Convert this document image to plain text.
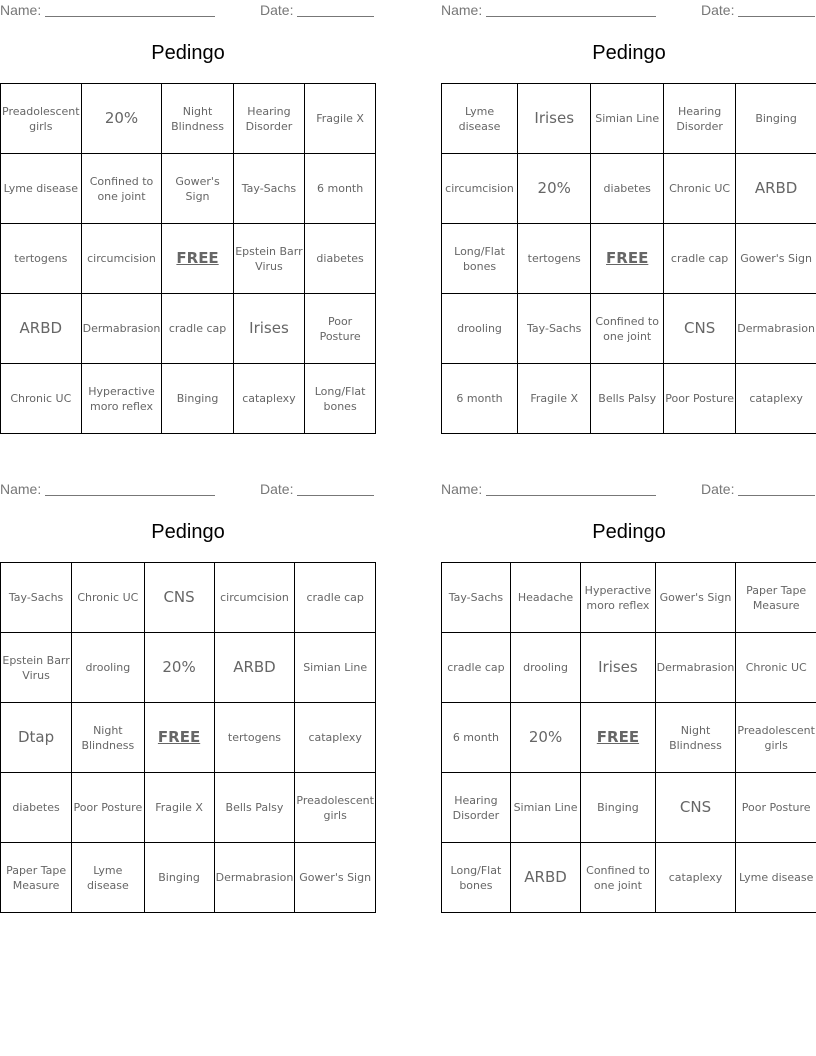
Name:	Date:
Pedingo
Preadolescent girls	20%	Night Blindness	Hearing Disorder	Fragile X
Lyme disease	Confined to one joint	Gower's Sign	Tay-Sachs	6 month
tertogens	circumcision	FREE	Epstein Barr Virus	diabetes
ARBD	Dermabrasion	cradle cap	Irises	Poor Posture
Chronic UC	Hyperactive moro reflex	Binging	cataplexy	Long/Flat bones
Name:	Date:
Pedingo
Lyme disease	Irises	Simian Line	Hearing Disorder	Binging
circumcision	20%	diabetes	Chronic UC	ARBD
Long/Flat bones	tertogens	FREE	cradle cap	Gower's Sign
drooling	Tay-Sachs	Confined to one joint	CNS	Dermabrasion
6 month	Fragile X	Bells Palsy	Poor Posture	cataplexy
Name:	Date:
Pedingo
Tay-Sachs	Chronic UC	CNS	circumcision	cradle cap
Epstein Barr Virus	drooling	20%	ARBD	Simian Line
Dtap	Night Blindness	FREE	tertogens	cataplexy
diabetes	Poor Posture	Fragile X	Bells Palsy	Preadolescent girls
Paper Tape Measure	Lyme disease	Binging	Dermabrasion	Gower's Sign
Name:	Date:
Pedingo
Tay-Sachs	Headache	Hyperactive moro reflex	Gower's Sign	Paper Tape Measure
cradle cap	drooling	Irises	Dermabrasion	Chronic UC
6 month	20%	FREE	Night Blindness	Preadolescent girls
Hearing Disorder	Simian Line	Binging	CNS	Poor Posture
Long/Flat bones	ARBD	Confined to one joint	cataplexy	Lyme disease
